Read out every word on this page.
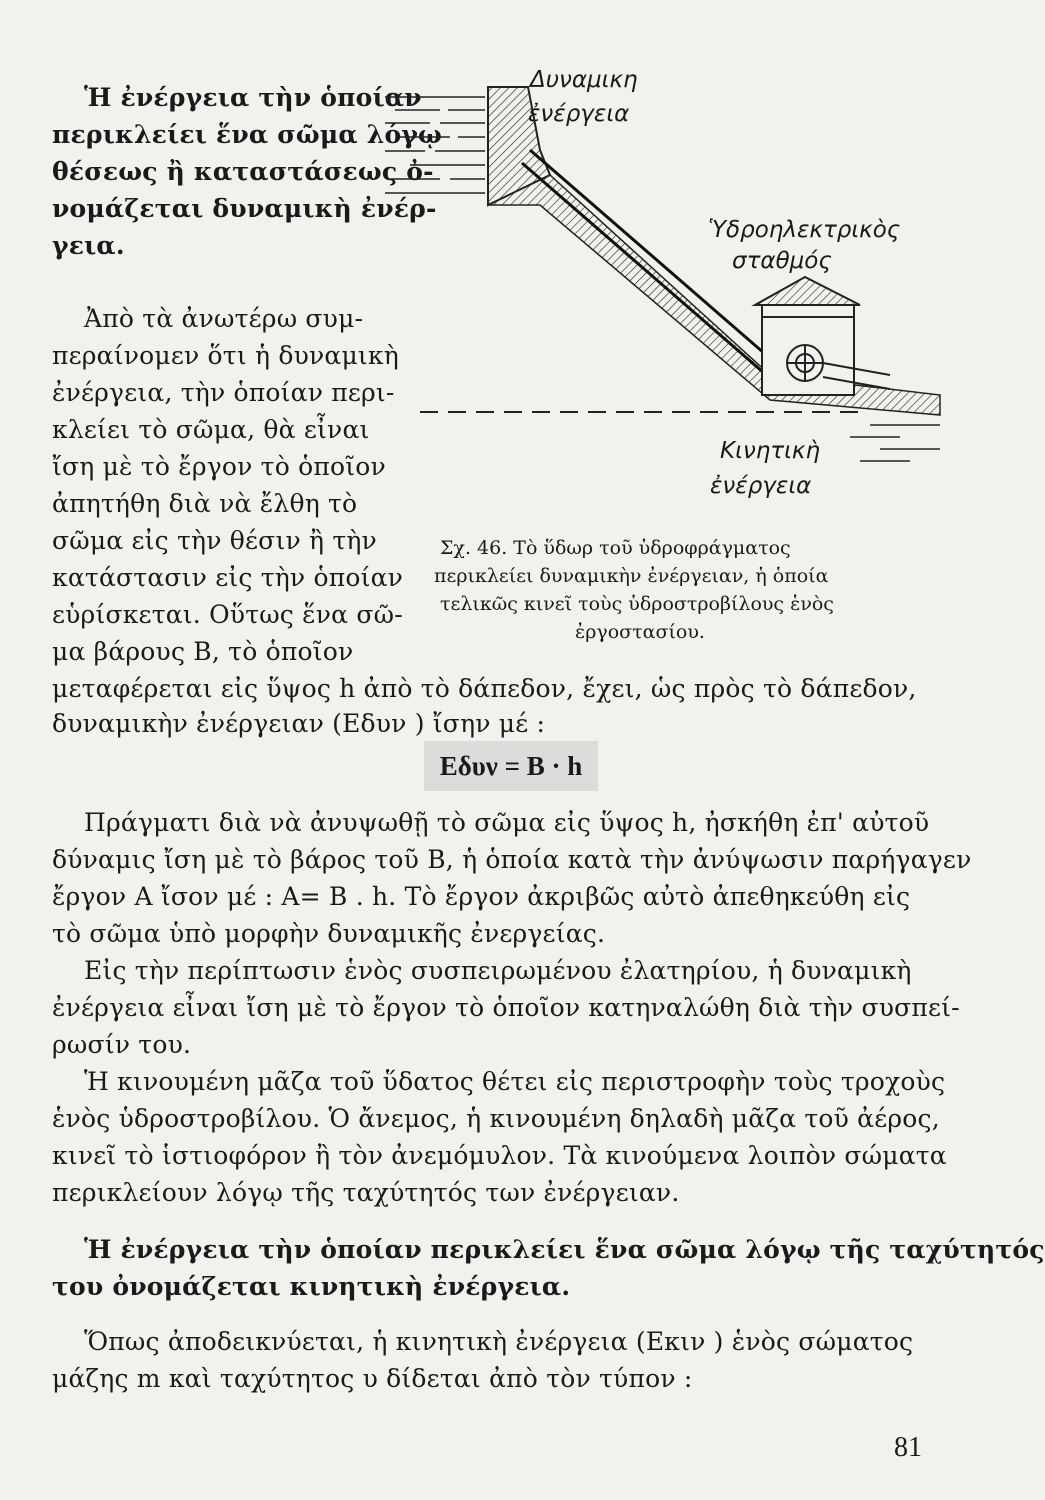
Ἡ ἐνέργεια τὴν ὁποίαν
περικλείει ἕνα σῶμα λόγῳ
θέσεως ἢ καταστάσεως ὀ-
νομάζεται δυναμικὴ ἐνέρ-
γεια.
Ἀπὸ τὰ ἀνωτέρω συμ-
περαίνομεν ὅτι ἡ δυναμικὴ
ἐνέργεια, τὴν ὁποίαν περι-
κλείει τὸ σῶμα, θὰ εἶναι
ἴση μὲ τὸ ἔργον τὸ ὁποῖον
ἀπητήθη διὰ νὰ ἔλθη τὸ
σῶμα εἰς τὴν θέσιν ἢ τὴν
κατάστασιν εἰς τὴν ὁποίαν
εὑρίσκεται. Οὕτως ἕνα σῶ-
μα βάρους Β, τὸ ὁποῖον
Δυναμικη
ἐνέργεια
Ὑδροηλεκτρικὸς
σταθμός
Κινητικὴ
ἐνέργεια
Σχ. 46. Τὸ ὕδωρ τοῦ ὑδροφράγματος
περικλείει δυναμικὴν ἐνέργειαν, ἡ ὁποία
τελικῶς κινεῖ τοὺς ὑδροστροβίλους ἑνὸς
ἐργοστασίου.
μεταφέρεται εἰς ὕψος h ἀπὸ τὸ δάπεδον, ἔχει, ὡς πρὸς τὸ δάπεδον,
δυναμικὴν ἐνέργειαν (Eδυν ) ἴσην μέ :
Eδυν = B · h
Πράγματι διὰ νὰ ἀνυψωθῇ τὸ σῶμα εἰς ὕψος h, ἠσκήθη ἐπ' αὐτοῦ
δύναμις ἴση μὲ τὸ βάρος τοῦ Β, ἡ ὁποία κατὰ τὴν ἀνύψωσιν παρήγαγεν
ἔργον Α ἴσον μέ : Α= Β . h. Τὸ ἔργον ἀκριβῶς αὐτὸ ἀπεθηκεύθη εἰς
τὸ σῶμα ὑπὸ μορφὴν δυναμικῆς ἐνεργείας.
Εἰς τὴν περίπτωσιν ἑνὸς συσπειρωμένου ἐλατηρίου, ἡ δυναμικὴ
ἐνέργεια εἶναι ἴση μὲ τὸ ἔργον τὸ ὁποῖον κατηναλώθη διὰ τὴν συσπεί-
ρωσίν του.
Ἡ κινουμένη μᾶζα τοῦ ὕδατος θέτει εἰς περιστροφὴν τοὺς τροχοὺς
ἑνὸς ὑδροστροβίλου. Ὁ ἄνεμος, ἡ κινουμένη δηλαδὴ μᾶζα τοῦ ἀέρος,
κινεῖ τὸ ἱστιοφόρον ἢ τὸν ἀνεμόμυλον. Τὰ κινούμενα λοιπὸν σώματα
περικλείουν λόγῳ τῆς ταχύτητός των ἐνέργειαν.
Ἡ ἐνέργεια τὴν ὁποίαν περικλείει ἕνα σῶμα λόγῳ τῆς ταχύτητός
του ὀνομάζεται κινητικὴ ἐνέργεια.
Ὅπως ἀποδεικνύεται, ἡ κινητικὴ ἐνέργεια (Eκιν ) ἑνὸς σώματος
μάζης m καὶ ταχύτητος υ δίδεται ἀπὸ τὸν τύπον :
81
